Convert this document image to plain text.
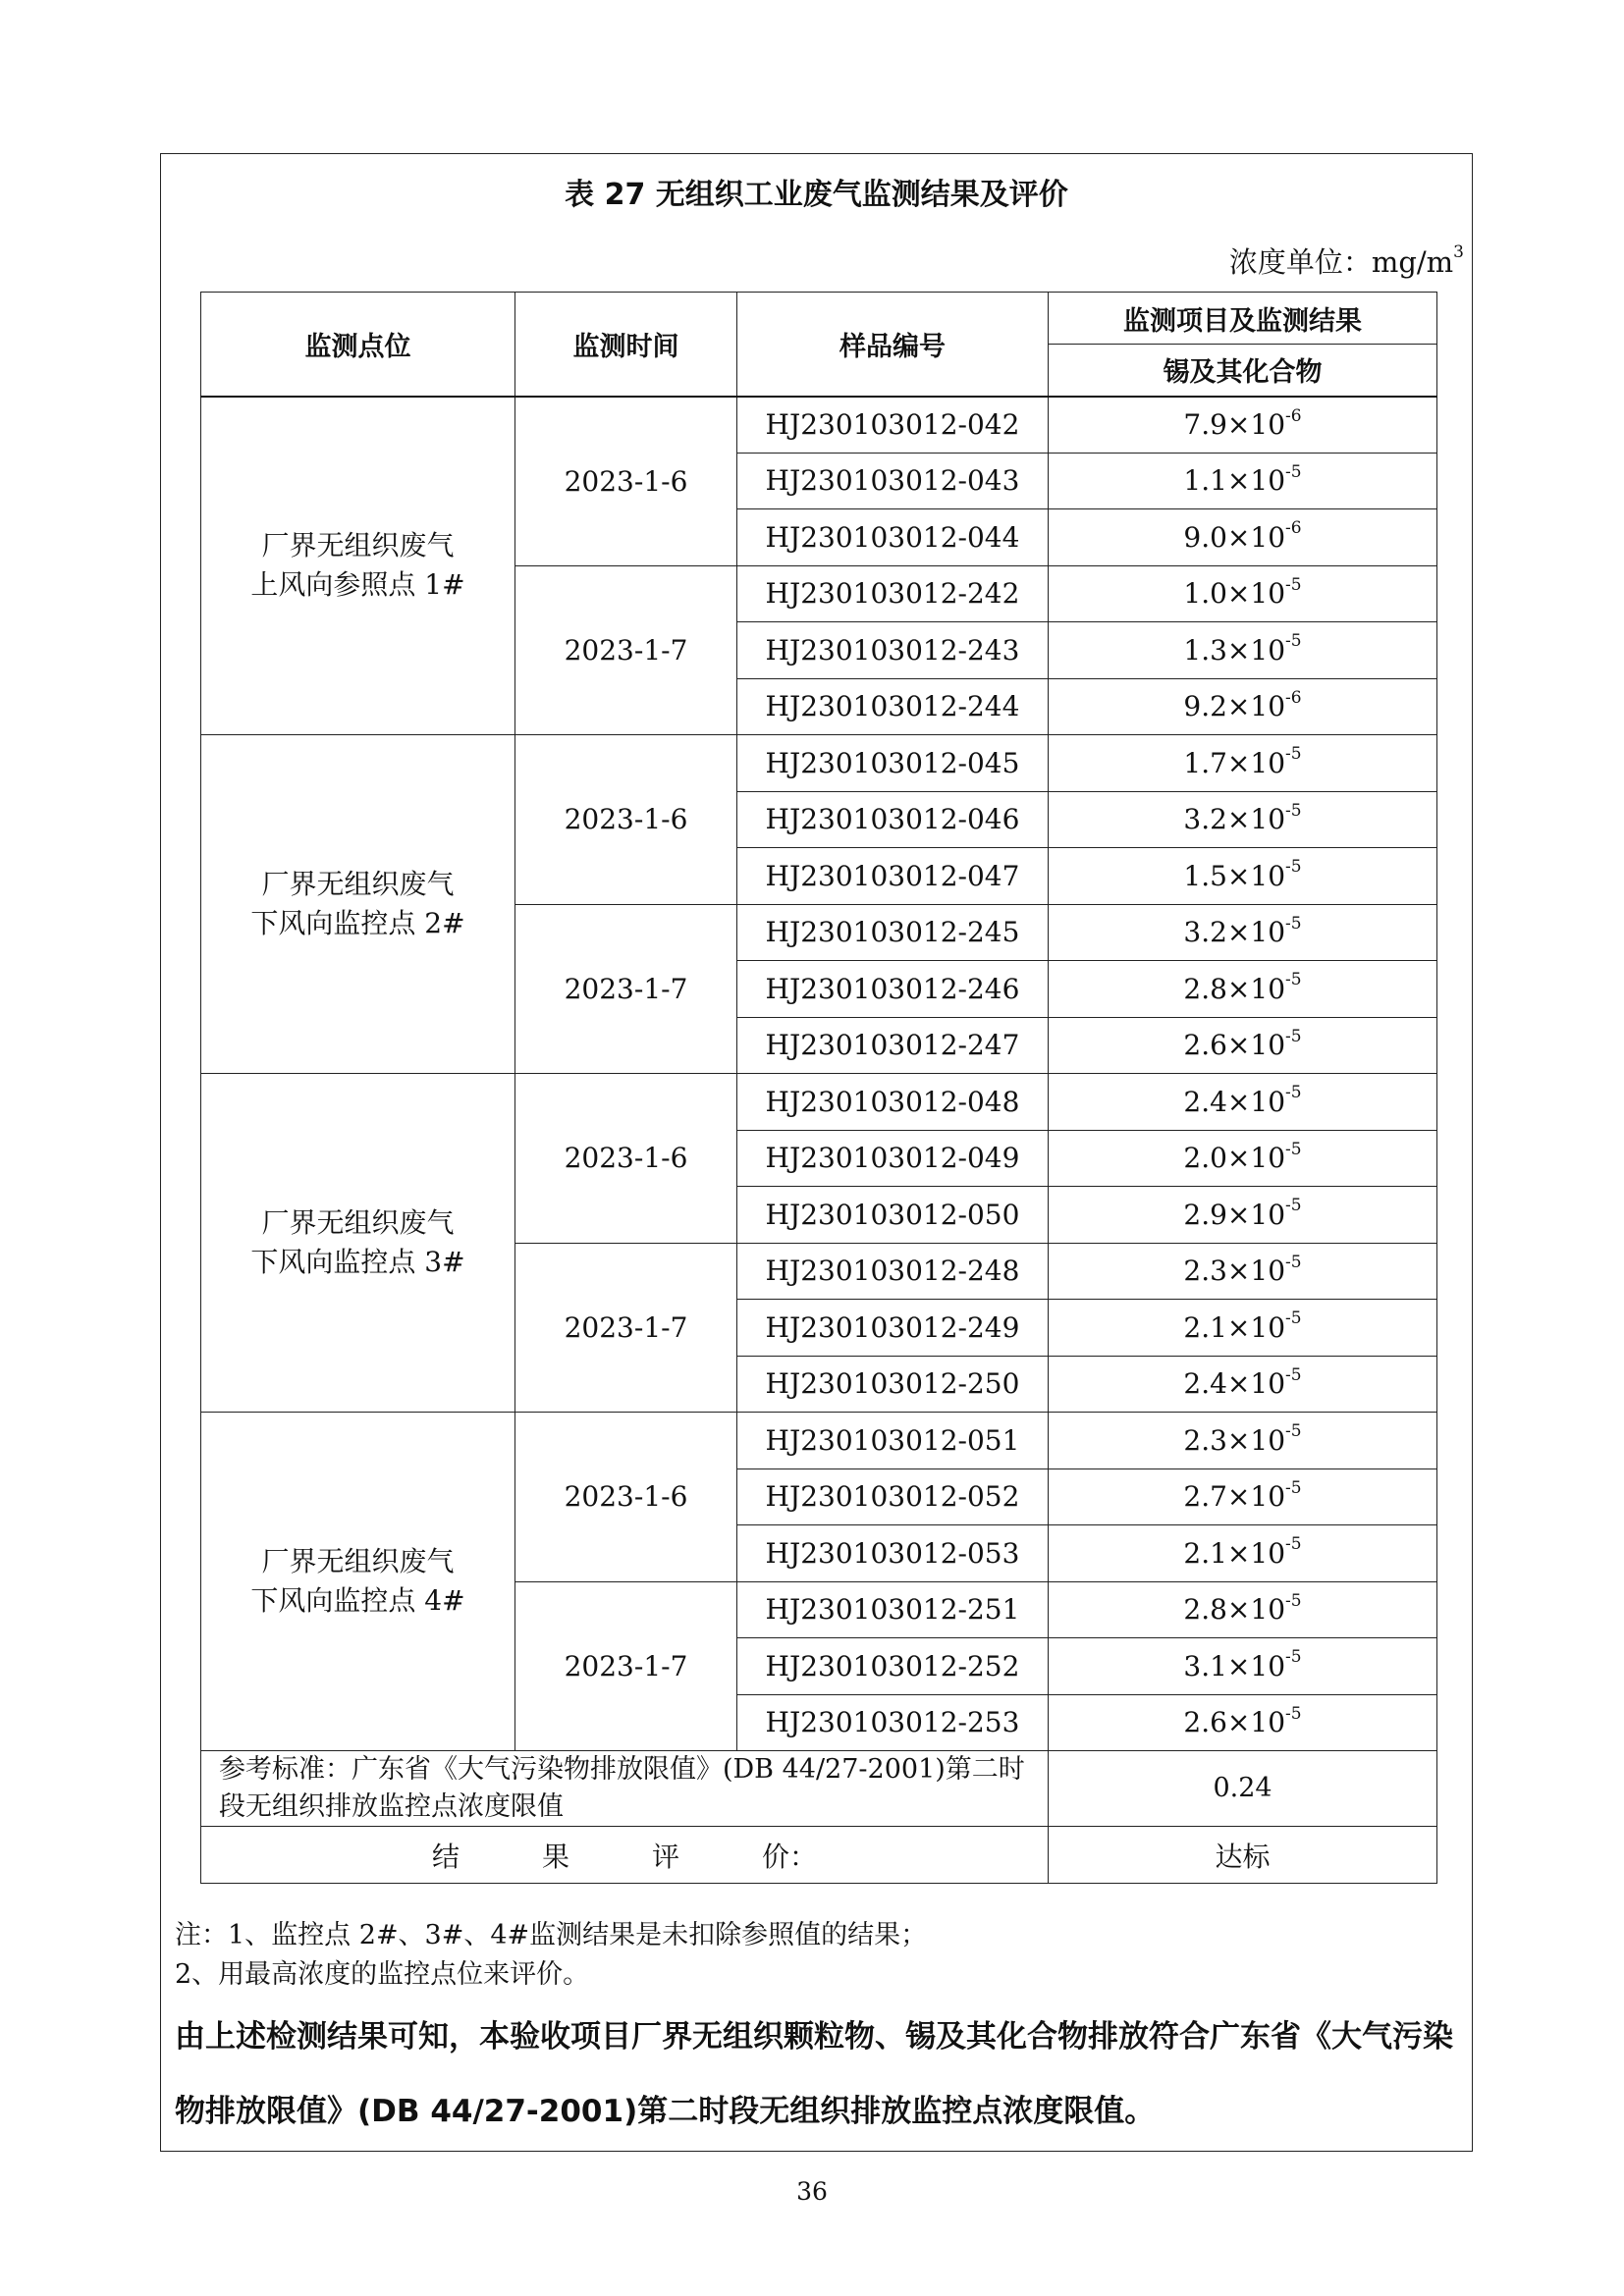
表 27 无组织工业废气监测结果及评价
浓度单位：$mg/m^3$
监测点位	监测时间	样品编号	监测项目及监测结果
			锡及其化合物

厂界无组织废气
上风向参照点 1#	2023-1-6	HJ230103012-042	$7.9\times 10^{-6}$
		HJ230103012-043	$1.1\times 10^{-5}$
		HJ230103012-044	$9.0\times 10^{-6}$
	2023-1-7	HJ230103012-242	$1.0\times 10^{-5}$
		HJ230103012-243	$1.3\times 10^{-5}$
		HJ230103012-244	$9.2\times 10^{-6}$

厂界无组织废气
下风向监控点 2#	2023-1-6	HJ230103012-045	$1.7\times 10^{-5}$
		HJ230103012-046	$3.2\times 10^{-5}$
		HJ230103012-047	$1.5\times 10^{-5}$
	2023-1-7	HJ230103012-245	$3.2\times 10^{-5}$
		HJ230103012-246	$2.8\times 10^{-5}$
		HJ230103012-247	$2.6\times 10^{-5}$

厂界无组织废气
下风向监控点 3#	2023-1-6	HJ230103012-048	$2.4\times 10^{-5}$
		HJ230103012-049	$2.0\times 10^{-5}$
		HJ230103012-050	$2.9\times 10^{-5}$
	2023-1-7	HJ230103012-248	$2.3\times 10^{-5}$
		HJ230103012-249	$2.1\times 10^{-5}$
		HJ230103012-250	$2.4\times 10^{-5}$

厂界无组织废气
下风向监控点 4#	2023-1-6	HJ230103012-051	$2.3\times 10^{-5}$
		HJ230103012-052	$2.7\times 10^{-5}$
		HJ230103012-053	$2.1\times 10^{-5}$
	2023-1-7	HJ230103012-251	$2.8\times 10^{-5}$
		HJ230103012-252	$3.1\times 10^{-5}$
		HJ230103012-253	$2.6\times 10^{-5}$
参考标准：广东省《大气污染物排放限值》(DB 44/27-2001)第二时段无组织排放监控点浓度限值			0.24
结 果 评 价：			达标
注：1、监控点 2#、3#、4#监测结果是未扣除参照值的结果；
2、用最高浓度的监控点位来评价。
由上述检测结果可知，本验收项目厂界无组织颗粒物、锡及其化合物排放符合广东省《大气污染物排放限值》(DB 44/27-2001)第二时段无组织排放监控点浓度限值。
36
